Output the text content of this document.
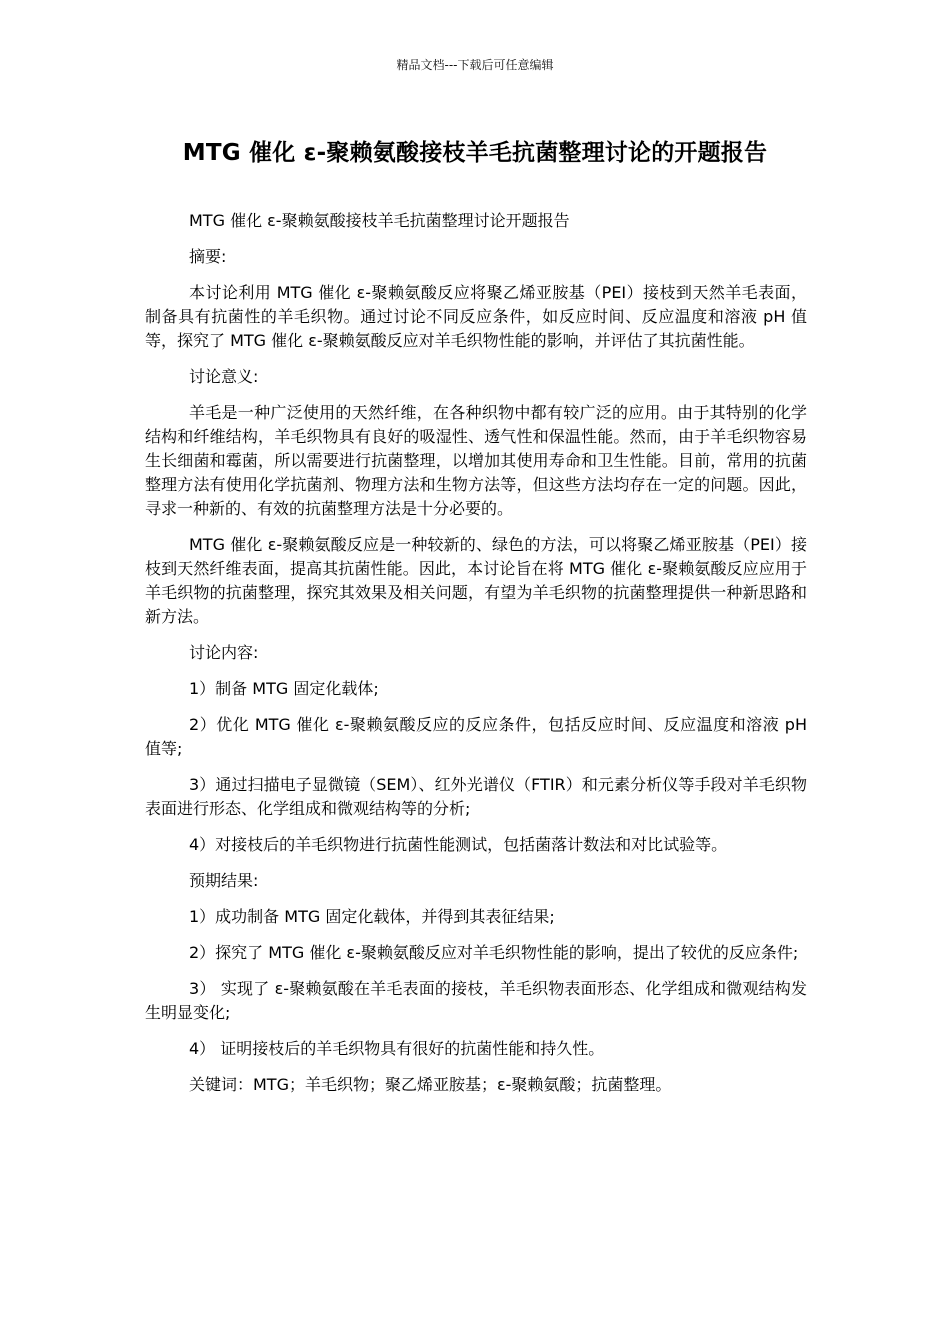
精品文档---下载后可任意编辑
MTG 催化 ε-聚赖氨酸接枝羊毛抗菌整理讨论的开题报告

MTG 催化 ε-聚赖氨酸接枝羊毛抗菌整理讨论开题报告

摘要:

本讨论利用 MTG 催化 ε-聚赖氨酸反应将聚乙烯亚胺基（PEI）接枝到天然羊毛表面，制备具有抗菌性的羊毛织物。通过讨论不同反应条件，如反应时间、反应温度和溶液 pH 值等，探究了 MTG 催化 ε-聚赖氨酸反应对羊毛织物性能的影响，并评估了其抗菌性能。

讨论意义:

羊毛是一种广泛使用的天然纤维，在各种织物中都有较广泛的应用。由于其特别的化学结构和纤维结构，羊毛织物具有良好的吸湿性、透气性和保温性能。然而，由于羊毛织物容易生长细菌和霉菌，所以需要进行抗菌整理，以增加其使用寿命和卫生性能。目前，常用的抗菌整理方法有使用化学抗菌剂、物理方法和生物方法等，但这些方法均存在一定的问题。因此，寻求一种新的、有效的抗菌整理方法是十分必要的。

MTG 催化 ε-聚赖氨酸反应是一种较新的、绿色的方法，可以将聚乙烯亚胺基（PEI）接枝到天然纤维表面，提高其抗菌性能。因此，本讨论旨在将 MTG 催化 ε-聚赖氨酸反应应用于羊毛织物的抗菌整理，探究其效果及相关问题，有望为羊毛织物的抗菌整理提供一种新思路和新方法。

讨论内容:

1）制备 MTG 固定化载体;

2）优化 MTG 催化 ε-聚赖氨酸反应的反应条件，包括反应时间、反应温度和溶液 pH 值等;

3）通过扫描电子显微镜（SEM）、红外光谱仪（FTIR）和元素分析仪等手段对羊毛织物表面进行形态、化学组成和微观结构等的分析;

4）对接枝后的羊毛织物进行抗菌性能测试，包括菌落计数法和对比试验等。

预期结果:

1）成功制备 MTG 固定化载体，并得到其表征结果;

2）探究了 MTG 催化 ε-聚赖氨酸反应对羊毛织物性能的影响，提出了较优的反应条件;

3） 实现了 ε-聚赖氨酸在羊毛表面的接枝，羊毛织物表面形态、化学组成和微观结构发生明显变化;

4） 证明接枝后的羊毛织物具有很好的抗菌性能和持久性。

关键词：MTG；羊毛织物；聚乙烯亚胺基；ε-聚赖氨酸；抗菌整理。
